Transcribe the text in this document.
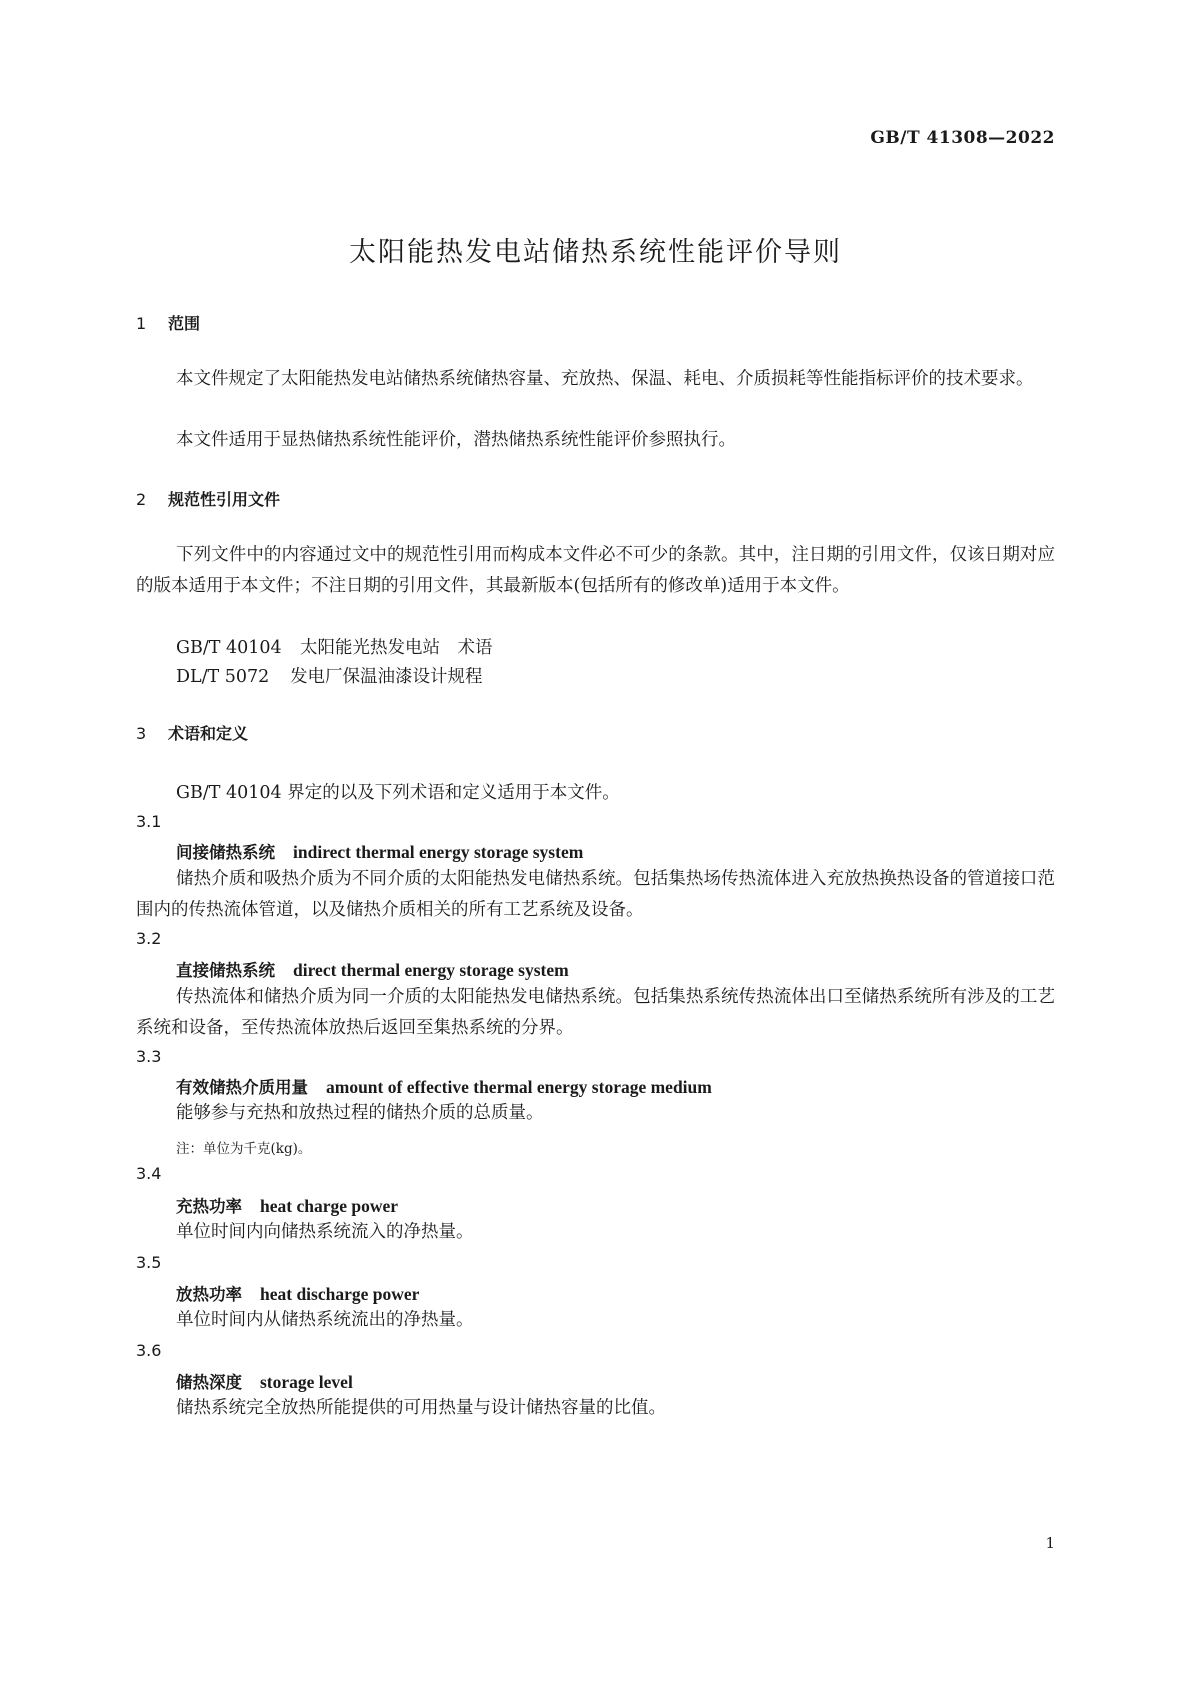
GB/T 41308—2022
太阳能热发电站储热系统性能评价导则
1 范围
本文件规定了太阳能热发电站储热系统储热容量、充放热、保温、耗电、介质损耗等性能指标评价的技术要求。
本文件适用于显热储热系统性能评价，潜热储热系统性能评价参照执行。
2 规范性引用文件
下列文件中的内容通过文中的规范性引用而构成本文件必不可少的条款。其中，注日期的引用文件，仅该日期对应的版本适用于本文件；不注日期的引用文件，其最新版本(包括所有的修改单)适用于本文件。
GB/T 40104 太阳能光热发电站　术语
DL/T 5072 发电厂保温油漆设计规程
3 术语和定义
GB/T 40104 界定的以及下列术语和定义适用于本文件。
3.1
间接储热系统 indirect thermal energy storage system
储热介质和吸热介质为不同介质的太阳能热发电储热系统。包括集热场传热流体进入充放热换热设备的管道接口范围内的传热流体管道，以及储热介质相关的所有工艺系统及设备。
3.2
直接储热系统 direct thermal energy storage system
传热流体和储热介质为同一介质的太阳能热发电储热系统。包括集热系统传热流体出口至储热系统所有涉及的工艺系统和设备，至传热流体放热后返回至集热系统的分界。
3.3
有效储热介质用量 amount of effective thermal energy storage medium
能够参与充热和放热过程的储热介质的总质量。
注：单位为千克(kg)。
3.4
充热功率 heat charge power
单位时间内向储热系统流入的净热量。
3.5
放热功率 heat discharge power
单位时间内从储热系统流出的净热量。
3.6
储热深度 storage level
储热系统完全放热所能提供的可用热量与设计储热容量的比值。
1
